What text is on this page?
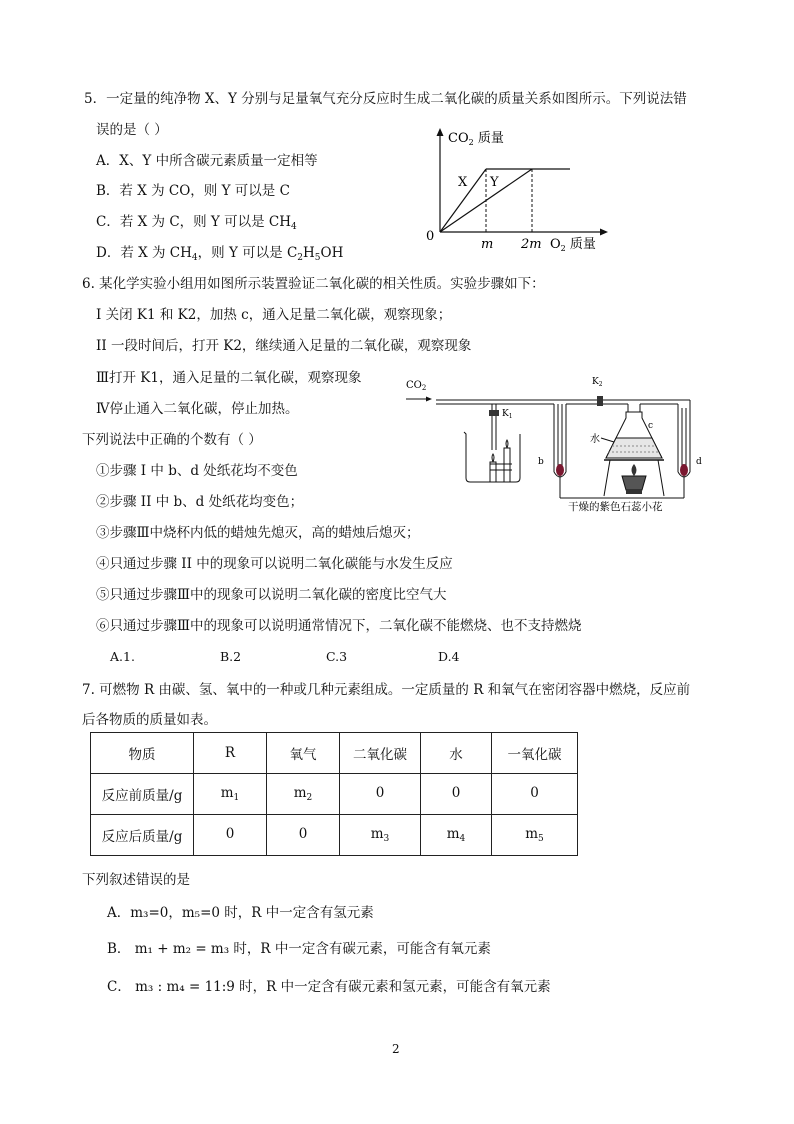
5．一定量的纯净物 X、Y 分别与足量氧气充分反应时生成二氧化碳的质量关系如图所示。下列说法错
误的是（ ）
A．X、Y 中所含碳元素质量一定相等
B．若 X 为 CO，则 Y 可以是 C
C．若 X 为 C，则 Y 可以是 $CH_4$
D．若 X 为 $CH_4$，则 Y 可以是 $C_2H_5OH$
$CO_2$ 质量
X Y
0
m 2m $O_2$ 质量
6. 某化学实验小组用如图所示装置验证二氧化碳的相关性质。实验步骤如下：
I 关闭 K1 和 K2，加热 c，通入足量二氧化碳，观察现象；
II 一段时间后，打开 K2，继续通入足量的二氧化碳，观察现象
Ⅲ打开 K1，通入足量的二氧化碳，观察现象
Ⅳ停止通入二氧化碳，停止加热。
下列说法中正确的个数有（ ）
①步骤 I 中 b、d 处纸花均不变色
②步骤 II 中 b、d 处纸花均变色；
③步骤Ⅲ中烧杯内低的蜡烛先熄灭，高的蜡烛后熄灭；
④只通过步骤 II 中的现象可以说明二氧化碳能与水发生反应
⑤只通过步骤Ⅲ中的现象可以说明二氧化碳的密度比空气大
⑥只通过步骤Ⅲ中的现象可以说明通常情况下，二氧化碳不能燃烧、也不支持燃烧
A.1.	B.2	C.3	D.4
$CO_2$
$K_1$
b
$K_2$
c
水
d
干燥的紫色石蕊小花
7. 可燃物 R 由碳、氢、氧中的一种或几种元素组成。一定质量的 R 和氧气在密闭容器中燃烧，反应前
后各物质的质量如表。
物质	R	氧气	二氧化碳	水	一氧化碳
反应前质量/g	$m_1$	$m_2$	0	0	0
反应后质量/g	0	0	$m_3$	$m_4$	$m_5$
下列叙述错误的是
A．m₃=0，m₅=0 时，R 中一定含有氢元素
B． m₁ + m₂ = m₃ 时，R 中一定含有碳元素，可能含有氧元素
C． m₃ : m₄ = 11:9 时，R 中一定含有碳元素和氢元素，可能含有氧元素
2
